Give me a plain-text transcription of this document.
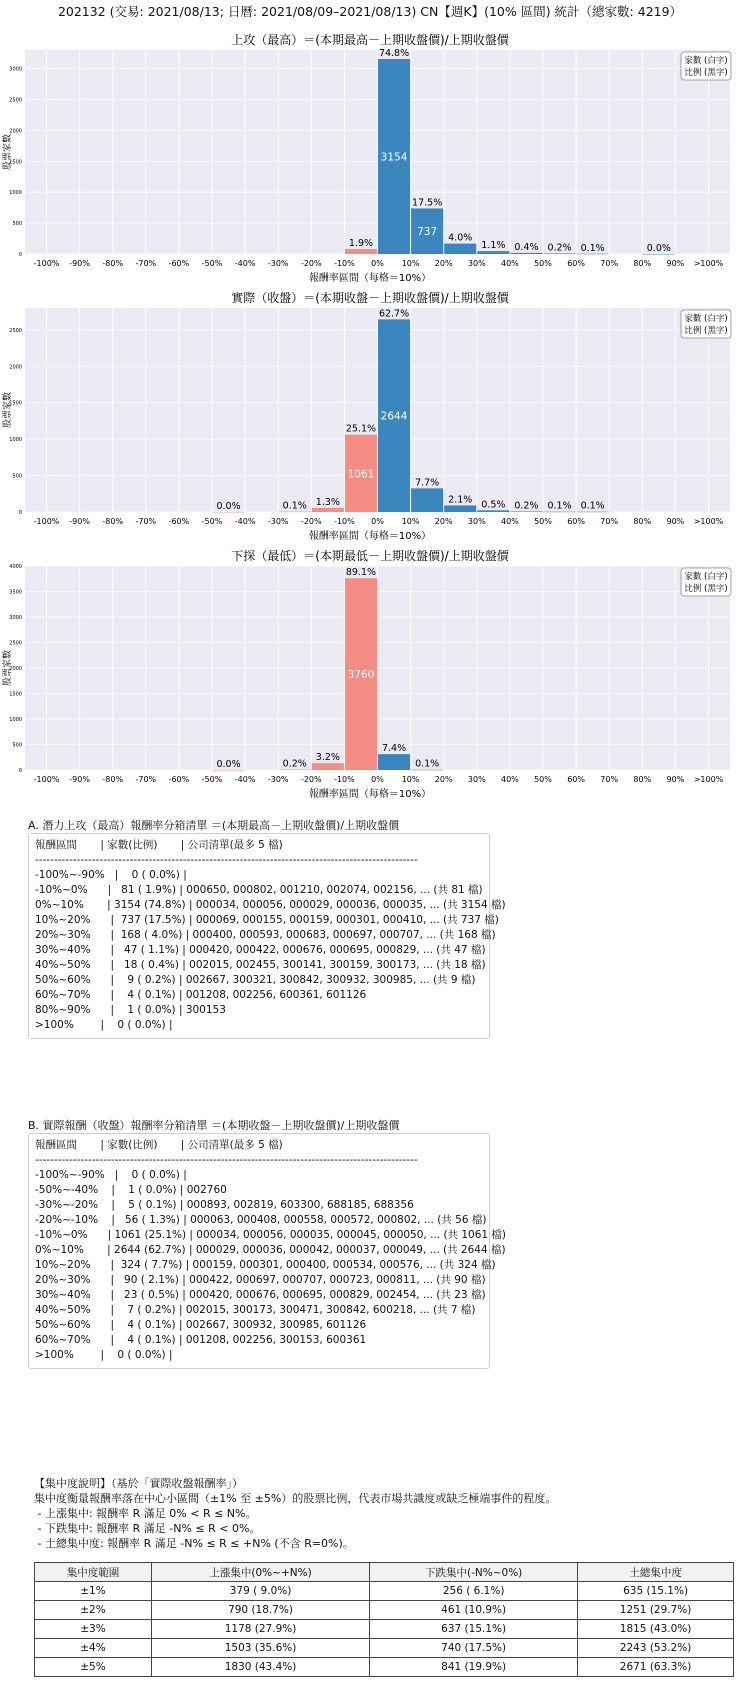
202132 (交易: 2021/08/13; 日曆: 2021/08/09–2021/08/13) CN【週K】(10% 區間) 統計（總家數: 4219）
上攻（最高）＝(本期最高－上期收盤價)/上期收盤價
0
500
1000
1500
2000
2500
3000
股票家數
-100% -90% -80% -70% -60% -50% -40% -30% -20% -10% 0% 10% 20% 30% 40% 50% 60% 70% 80% 90% >100%
報酬率區間（每格＝10%）
1.9%
74.8%
3154
17.5%
737 4.0%
1.1% 0.4% 0.2% 0.1%	0.0%
家數 (白字)
比例 (黑字)
實際（收盤）＝(本期收盤－上期收盤價)/上期收盤價
0
500
1000
1500
2000
2500
股票家數
-100% -90% -80% -70% -60% -50% -40% -30% -20% -10% 0% 10% 20% 30% 40% 50% 60% 70% 80% 90% >100%
報酬率區間（每格＝10%）
0.0%	0.1% 1.3%
25.1%
1061
62.7%
2644
7.7%
2.1% 0.5% 0.2% 0.1% 0.1%
家數 (白字)
比例 (黑字)
下探（最低）＝(本期最低－上期收盤價)/上期收盤價
0
500
1000
1500
2000
2500
3000
3500
4000
股票家數
-100% -90% -80% -70% -60% -50% -40% -30% -20% -10% 0% 10% 20% 30% 40% 50% 60% 70% 80% 90% >100%
報酬率區間（每格＝10%）
0.0%	0.2%
3.2%
89.1%
3760
7.4%
0.1%
家數 (白字)
比例 (黑字)
A. 潛力上攻（最高）報酬率分箱清單 ＝(本期最高－上期收盤價)/上期收盤價
報酬區間       | 家數(比例)       | 公司清單(最多 5 檔)
-----------------------------------------------------------------------------------------------------
-100%~-90%   |    0 ( 0.0%) |
-10%~0%      |   81 ( 1.9%) | 000650, 000802, 001210, 002074, 002156, ... (共 81 檔)
0%~10%       | 3154 (74.8%) | 000034, 000056, 000029, 000036, 000035, ... (共 3154 檔)
10%~20%      |  737 (17.5%) | 000069, 000155, 000159, 000301, 000410, ... (共 737 檔)
20%~30%      |  168 ( 4.0%) | 000400, 000593, 000683, 000697, 000707, ... (共 168 檔)
30%~40%      |   47 ( 1.1%) | 000420, 000422, 000676, 000695, 000829, ... (共 47 檔)
40%~50%      |   18 ( 0.4%) | 002015, 002455, 300141, 300159, 300173, ... (共 18 檔)
50%~60%      |    9 ( 0.2%) | 002667, 300321, 300842, 300932, 300985, ... (共 9 檔)
60%~70%      |    4 ( 0.1%) | 001208, 002256, 600361, 601126
80%~90%      |    1 ( 0.0%) | 300153
>100%        |    0 ( 0.0%) |
B. 實際報酬（收盤）報酬率分箱清單 ＝(本期收盤－上期收盤價)/上期收盤價
報酬區間       | 家數(比例)       | 公司清單(最多 5 檔)
-----------------------------------------------------------------------------------------------------
-100%~-90%   |    0 ( 0.0%) |
-50%~-40%    |    1 ( 0.0%) | 002760
-30%~-20%    |    5 ( 0.1%) | 000893, 002819, 603300, 688185, 688356
-20%~-10%    |   56 ( 1.3%) | 000063, 000408, 000558, 000572, 000802, ... (共 56 檔)
-10%~0%      | 1061 (25.1%) | 000034, 000056, 000035, 000045, 000050, ... (共 1061 檔)
0%~10%       | 2644 (62.7%) | 000029, 000036, 000042, 000037, 000049, ... (共 2644 檔)
10%~20%      |  324 ( 7.7%) | 000159, 000301, 000400, 000534, 000576, ... (共 324 檔)
20%~30%      |   90 ( 2.1%) | 000422, 000697, 000707, 000723, 000811, ... (共 90 檔)
30%~40%      |   23 ( 0.5%) | 000420, 000676, 000695, 000829, 002454, ... (共 23 檔)
40%~50%      |    7 ( 0.2%) | 002015, 300173, 300471, 300842, 600218, ... (共 7 檔)
50%~60%      |    4 ( 0.1%) | 002667, 300932, 300985, 601126
60%~70%      |    4 ( 0.1%) | 001208, 002256, 300153, 600361
>100%        |    0 ( 0.0%) |
【集中度說明】（基於「實際收盤報酬率」）
集中度衡量報酬率落在中心小區間（±1% 至 ±5%）的股票比例，代表市場共識度或缺乏極端事件的程度。
- 上漲集中: 報酬率 R 滿足 0% < R ≤ N%。
- 下跌集中: 報酬率 R 滿足 -N% ≤ R < 0%。
- 土總集中度: 報酬率 R 滿足 -N% ≤ R ≤ +N% (不含 R=0%)。
集中度範圍	上漲集中(0%~+N%)	下跌集中(-N%~0%)	土總集中度
±1%	379 ( 9.0%)	256 ( 6.1%)	635 (15.1%)
±2%	790 (18.7%)	461 (10.9%)	1251 (29.7%)
±3%	1178 (27.9%)	637 (15.1%)	1815 (43.0%)
±4%	1503 (35.6%)	740 (17.5%)	2243 (53.2%)
±5%	1830 (43.4%)	841 (19.9%)	2671 (63.3%)
